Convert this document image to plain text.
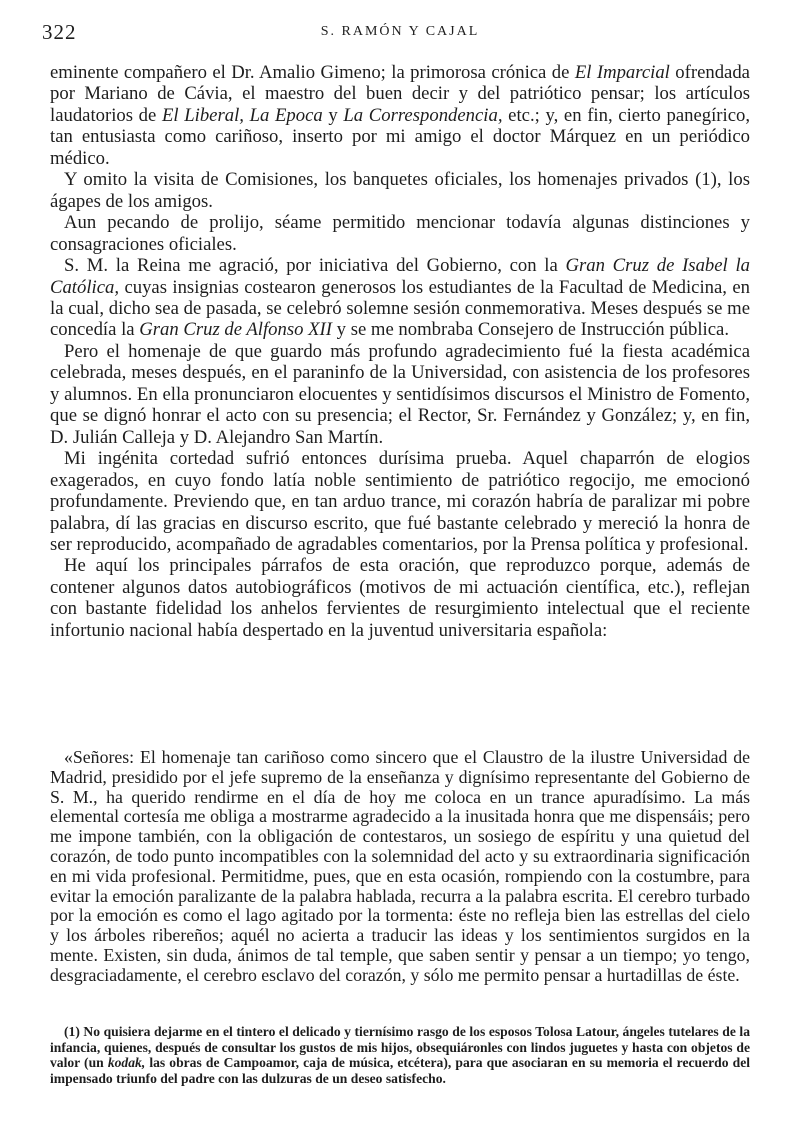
322	S. RAMÓN Y CAJAL

eminente compañero el Dr. Amalio Gimeno; la primorosa crónica de El Imparcial ofrendada por Mariano de Cávia, el maestro del buen decir y del patriótico pensar; los artículos laudatorios de El Liberal, La Epoca y La Correspondencia, etc.; y, en fin, cierto panegírico, tan entusiasta como cariñoso, inserto por mi amigo el doctor Márquez en un periódico médico.

Y omito la visita de Comisiones, los banquetes oficiales, los homenajes privados (1), los ágapes de los amigos.

Aun pecando de prolijo, séame permitido mencionar todavía algunas distinciones y consagraciones oficiales.

S. M. la Reina me agració, por iniciativa del Gobierno, con la Gran Cruz de Isabel la Católica, cuyas insignias costearon generosos los estudiantes de la Facultad de Medicina, en la cual, dicho sea de pasada, se celebró solemne sesión conmemorativa. Meses después se me concedía la Gran Cruz de Alfonso XII y se me nombraba Consejero de Instrucción pública.

Pero el homenaje de que guardo más profundo agradecimiento fué la fiesta académica celebrada, meses después, en el paraninfo de la Universidad, con asistencia de los profesores y alumnos. En ella pronunciaron elocuentes y sentidísimos discursos el Ministro de Fomento, que se dignó honrar el acto con su presencia; el Rector, Sr. Fernández y González; y, en fin, D. Julián Calleja y D. Alejandro San Martín.

Mi ingénita cortedad sufrió entonces durísima prueba. Aquel chaparrón de elogios exagerados, en cuyo fondo latía noble sentimiento de patriótico regocijo, me emocionó profundamente. Previendo que, en tan arduo trance, mi corazón habría de paralizar mi pobre palabra, dí las gracias en discurso escrito, que fué bastante celebrado y mereció la honra de ser reproducido, acompañado de agradables comentarios, por la Prensa política y profesional.

He aquí los principales párrafos de esta oración, que reproduzco porque, además de contener algunos datos autobiográficos (motivos de mi actuación científica, etc.), reflejan con bastante fidelidad los anhelos fervientes de resurgimiento intelectual que el reciente infortunio nacional había despertado en la juventud universitaria española:

«Señores: El homenaje tan cariñoso como sincero que el Claustro de la ilustre Universidad de Madrid, presidido por el jefe supremo de la enseñanza y dignísimo representante del Gobierno de S. M., ha querido rendirme en el día de hoy me coloca en un trance apuradísimo. La más elemental cortesía me obliga a mostrarme agradecido a la inusitada honra que me dispensáis; pero me impone también, con la obligación de contestaros, un sosiego de espíritu y una quietud del corazón, de todo punto incompatibles con la solemnidad del acto y su extraordinaria significación en mi vida profesional. Permitidme, pues, que en esta ocasión, rompiendo con la costumbre, para evitar la emoción paralizante de la palabra hablada, recurra a la palabra escrita. El cerebro turbado por la emoción es como el lago agitado por la tormenta: éste no refleja bien las estrellas del cielo y los árboles ribereños; aquél no acierta a traducir las ideas y los sentimientos surgidos en la mente. Existen, sin duda, ánimos de tal temple, que saben sentir y pensar a un tiempo; yo tengo, desgraciadamente, el cerebro esclavo del corazón, y sólo me permito pensar a hurtadillas de éste.

(1) No quisiera dejarme en el tintero el delicado y tiernísimo rasgo de los esposos Tolosa Latour, ángeles tutelares de la infancia, quienes, después de consultar los gustos de mis hijos, obsequiáronles con lindos juguetes y hasta con objetos de valor (un kodak, las obras de Campoamor, caja de música, etcétera), para que asociaran en su memoria el recuerdo del impensado triunfo del padre con las dulzuras de un deseo satisfecho.
